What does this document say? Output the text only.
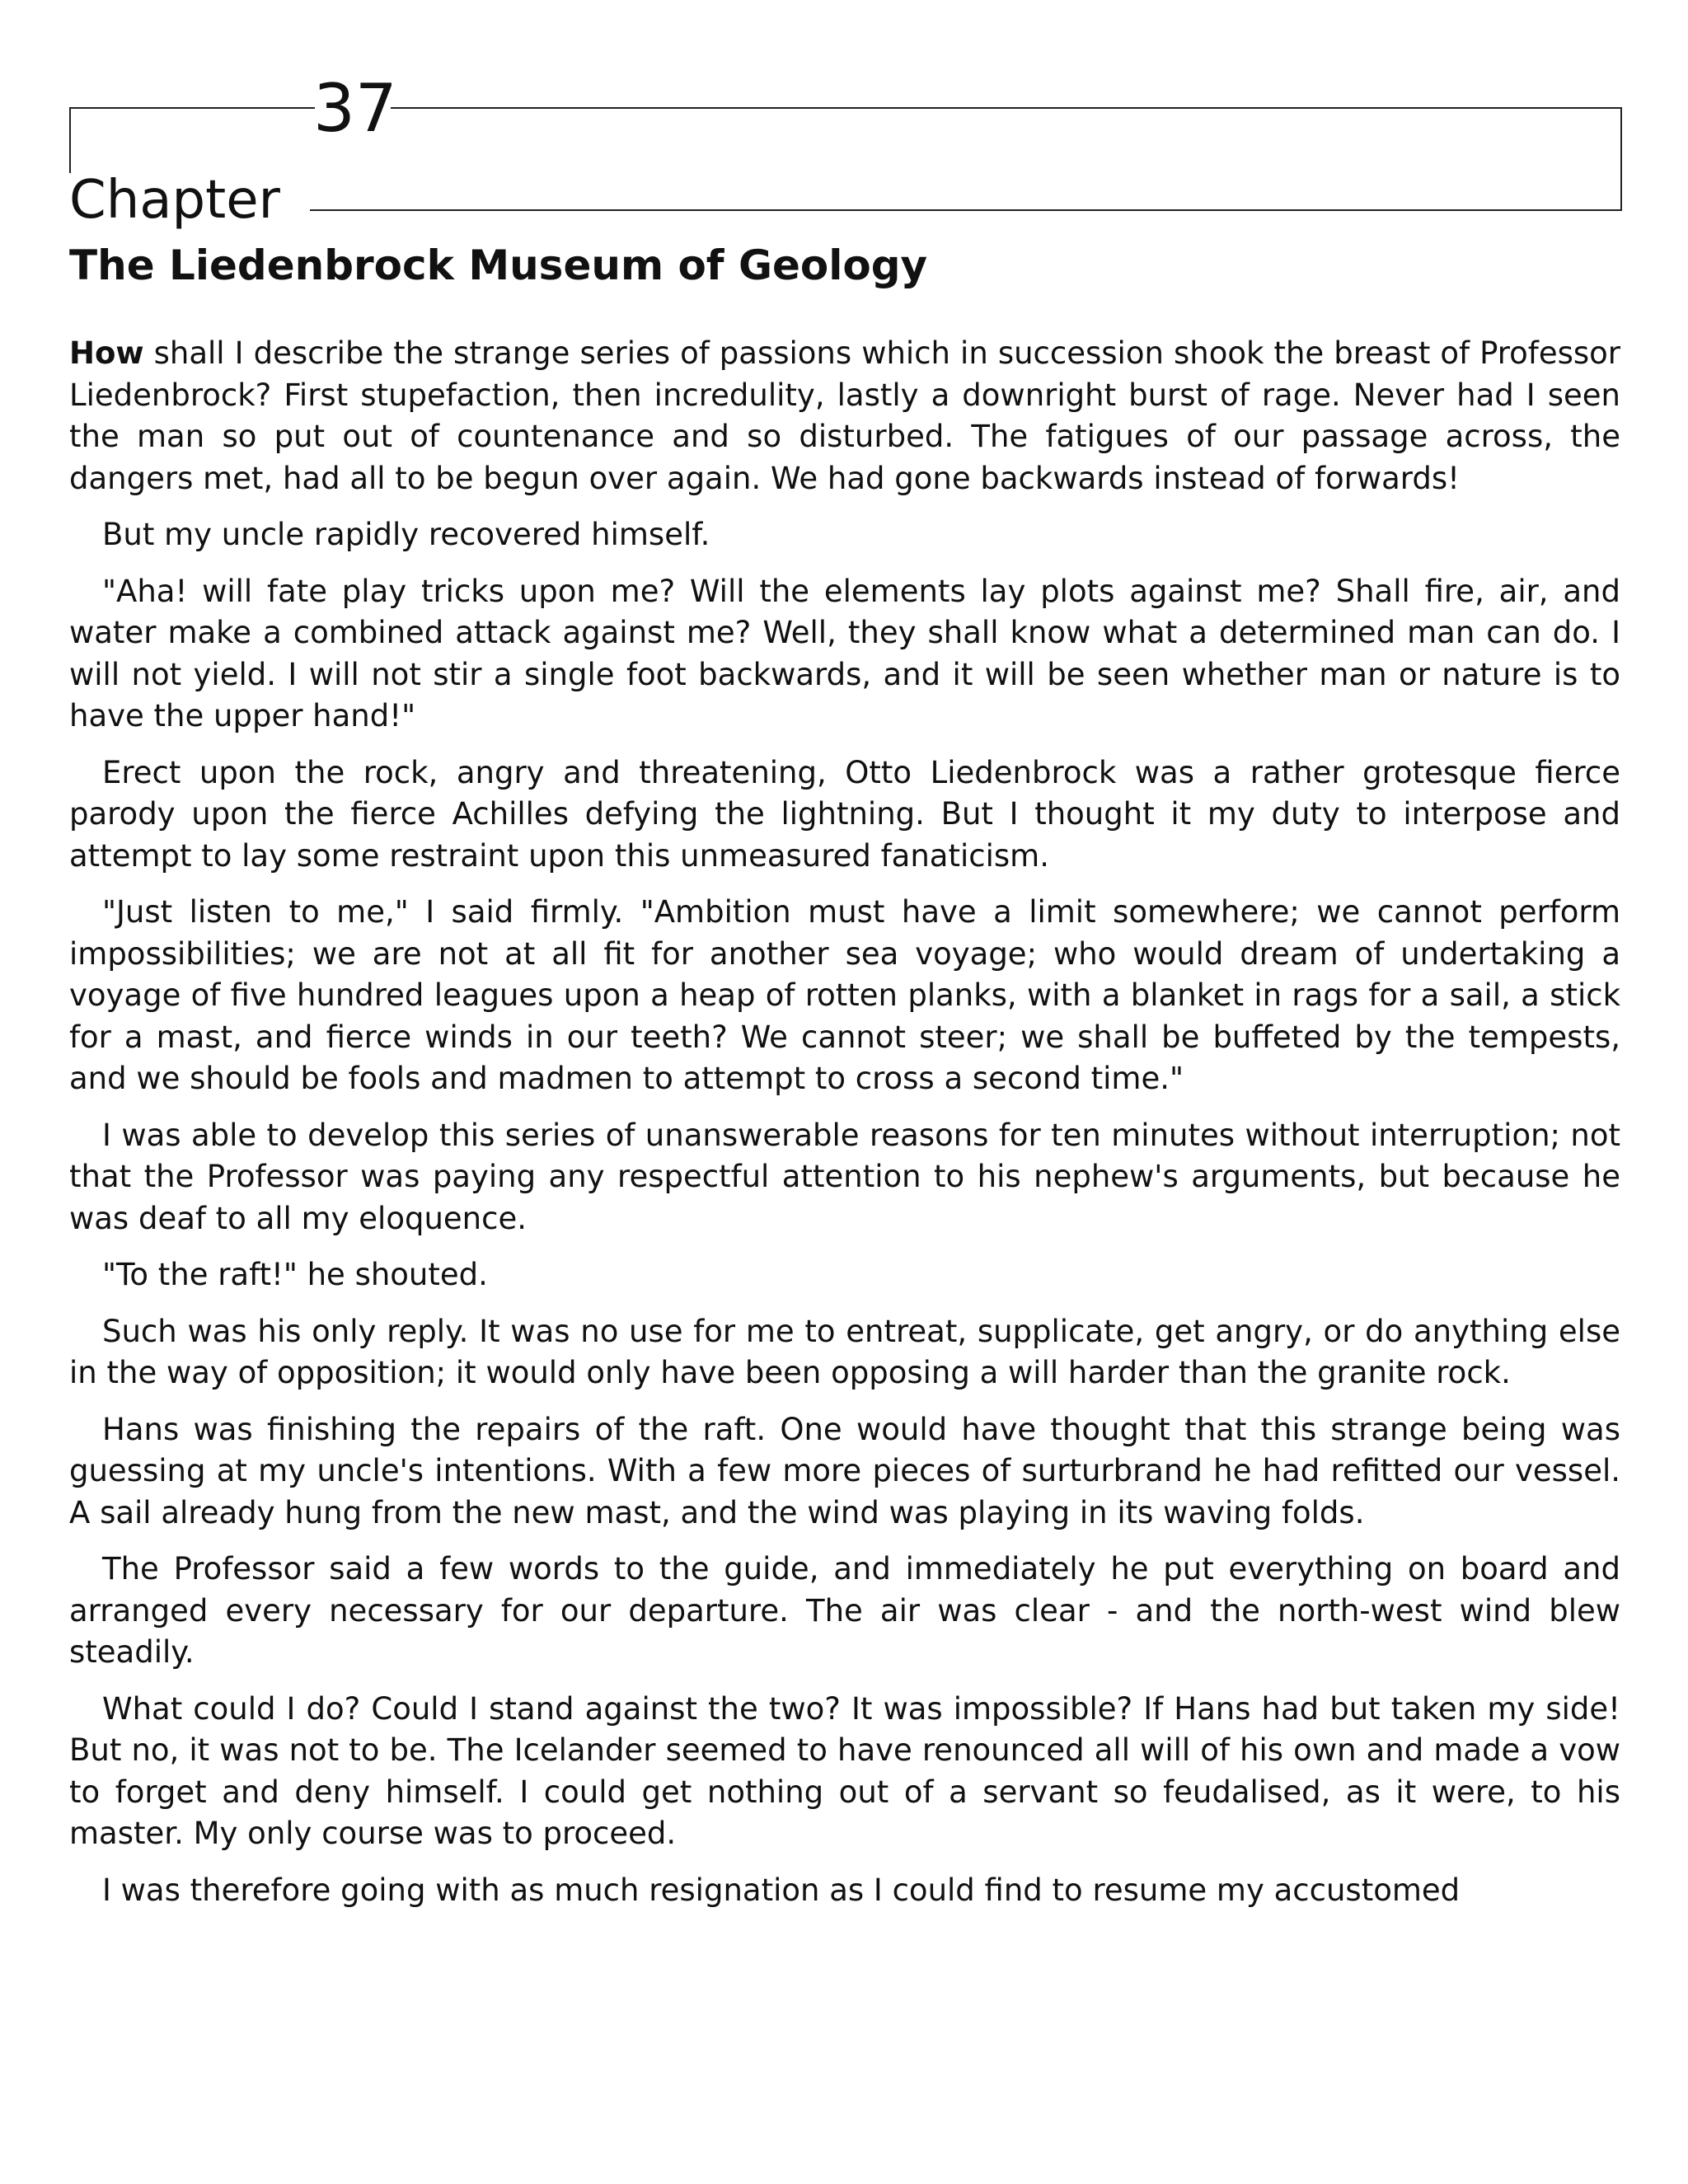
37
Chapter
The Liedenbrock Museum of Geology

How shall I describe the strange series of passions which in succession shook the breast of Professor Liedenbrock? First stupefaction, then incredulity, lastly a downright burst of rage. Never had I seen the man so put out of countenance and so disturbed. The fatigues of our passage across, the dangers met, had all to be begun over again. We had gone backwards instead of forwards!

But my uncle rapidly recovered himself.

"Aha! will fate play tricks upon me? Will the elements lay plots against me? Shall fire, air, and water make a combined attack against me? Well, they shall know what a determined man can do. I will not yield. I will not stir a single foot backwards, and it will be seen whether man or nature is to have the upper hand!"

Erect upon the rock, angry and threatening, Otto Liedenbrock was a rather grotesque fierce parody upon the fierce Achilles defying the lightning. But I thought it my duty to interpose and attempt to lay some restraint upon this unmeasured fanaticism.

"Just listen to me," I said firmly. "Ambition must have a limit somewhere; we cannot perform impossibilities; we are not at all fit for another sea voyage; who would dream of undertaking a voyage of five hundred leagues upon a heap of rotten planks, with a blanket in rags for a sail, a stick for a mast, and fierce winds in our teeth? We cannot steer; we shall be buffeted by the tempests, and we should be fools and madmen to attempt to cross a second time."

I was able to develop this series of unanswerable reasons for ten minutes without interruption; not that the Professor was paying any respectful attention to his nephew's arguments, but because he was deaf to all my eloquence.

"To the raft!" he shouted.

Such was his only reply. It was no use for me to entreat, supplicate, get angry, or do anything else in the way of opposition; it would only have been opposing a will harder than the granite rock.

Hans was finishing the repairs of the raft. One would have thought that this strange being was guessing at my uncle's intentions. With a few more pieces of surturbrand he had refitted our vessel. A sail already hung from the new mast, and the wind was playing in its waving folds.

The Professor said a few words to the guide, and immediately he put everything on board and arranged every necessary for our departure. The air was clear - and the north-west wind blew steadily.

What could I do? Could I stand against the two? It was impossible? If Hans had but taken my side! But no, it was not to be. The Icelander seemed to have renounced all will of his own and made a vow to forget and deny himself. I could get nothing out of a servant so feudalised, as it were, to his master. My only course was to proceed.

I was therefore going with as much resignation as I could find to resume my accustomed
